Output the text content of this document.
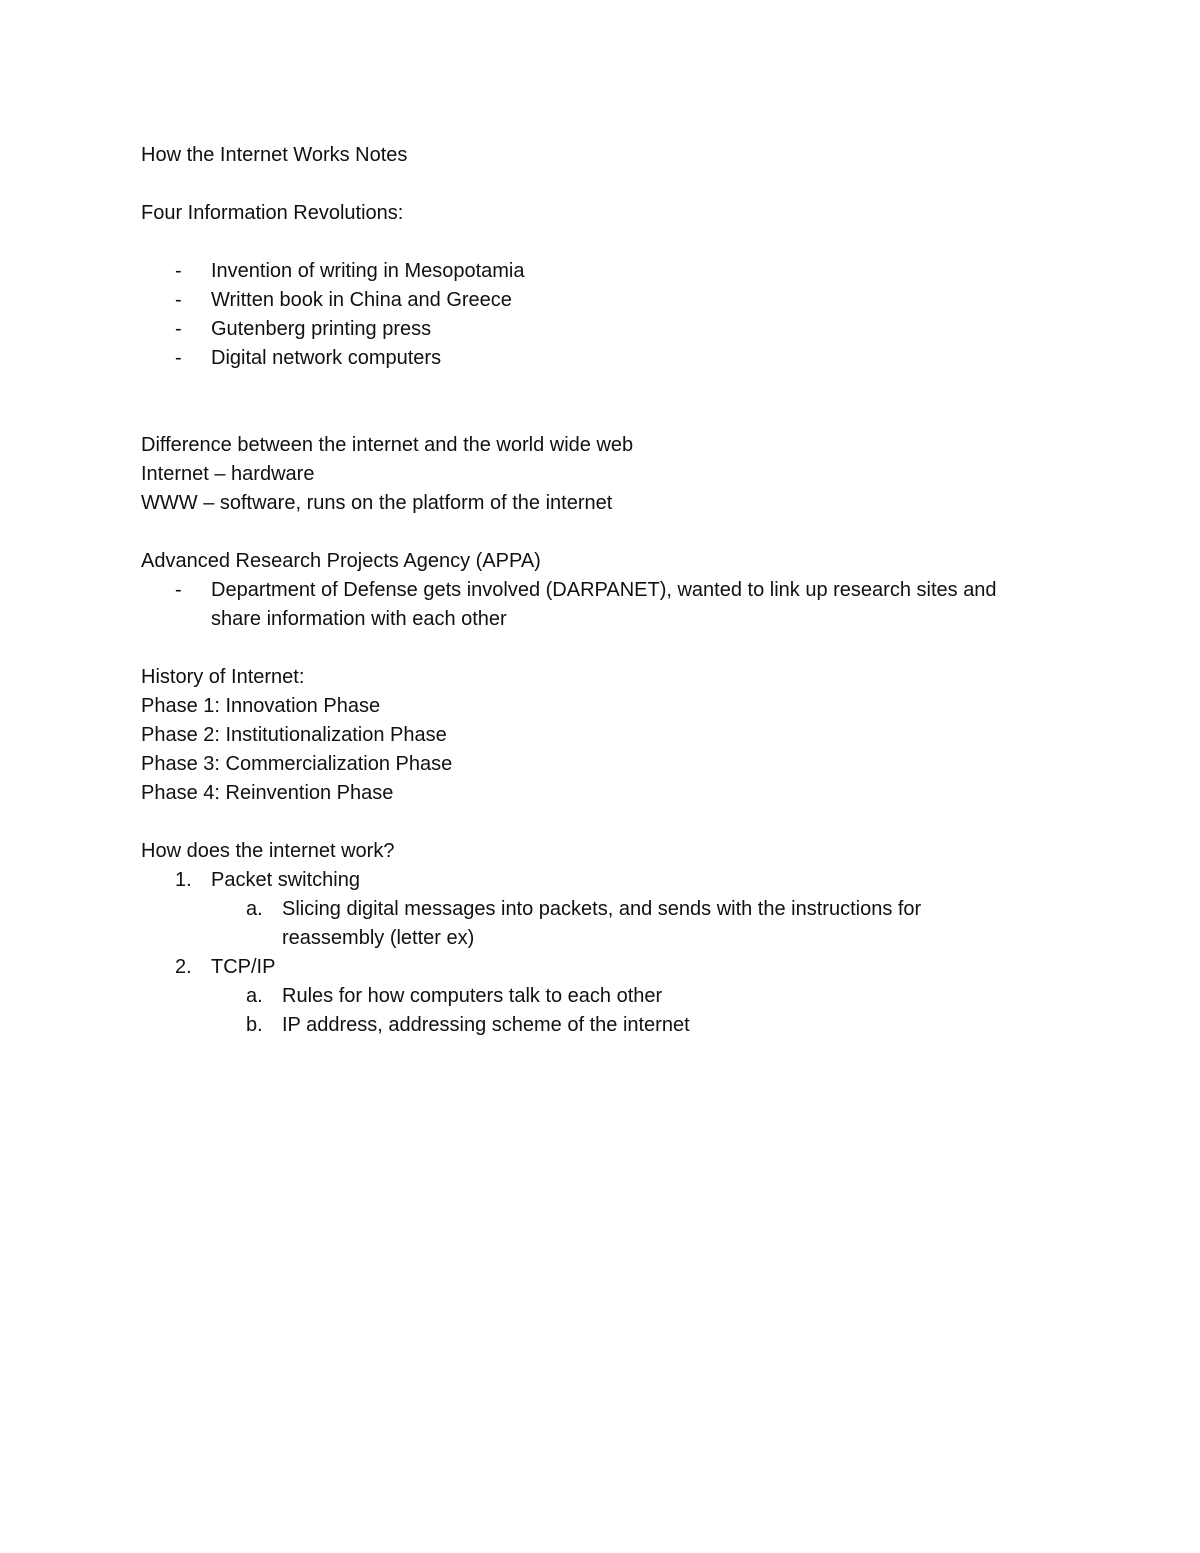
How the Internet Works Notes
Four Information Revolutions:
-	Invention of writing in Mesopotamia
-	Written book in China and Greece
-	Gutenberg printing press
-	Digital network computers
Difference between the internet and the world wide web
Internet – hardware
WWW – software, runs on the platform of the internet
Advanced Research Projects Agency (APPA)
-	Department of Defense gets involved (DARPANET), wanted to link up research sites and share information with each other
History of Internet:
Phase 1: Innovation Phase
Phase 2: Institutionalization Phase
Phase 3: Commercialization Phase
Phase 4: Reinvention Phase
How does the internet work?
1. Packet switching
a. Slicing digital messages into packets, and sends with the instructions for reassembly (letter ex)
2. TCP/IP
a. Rules for how computers talk to each other
b. IP address, addressing scheme of the internet
